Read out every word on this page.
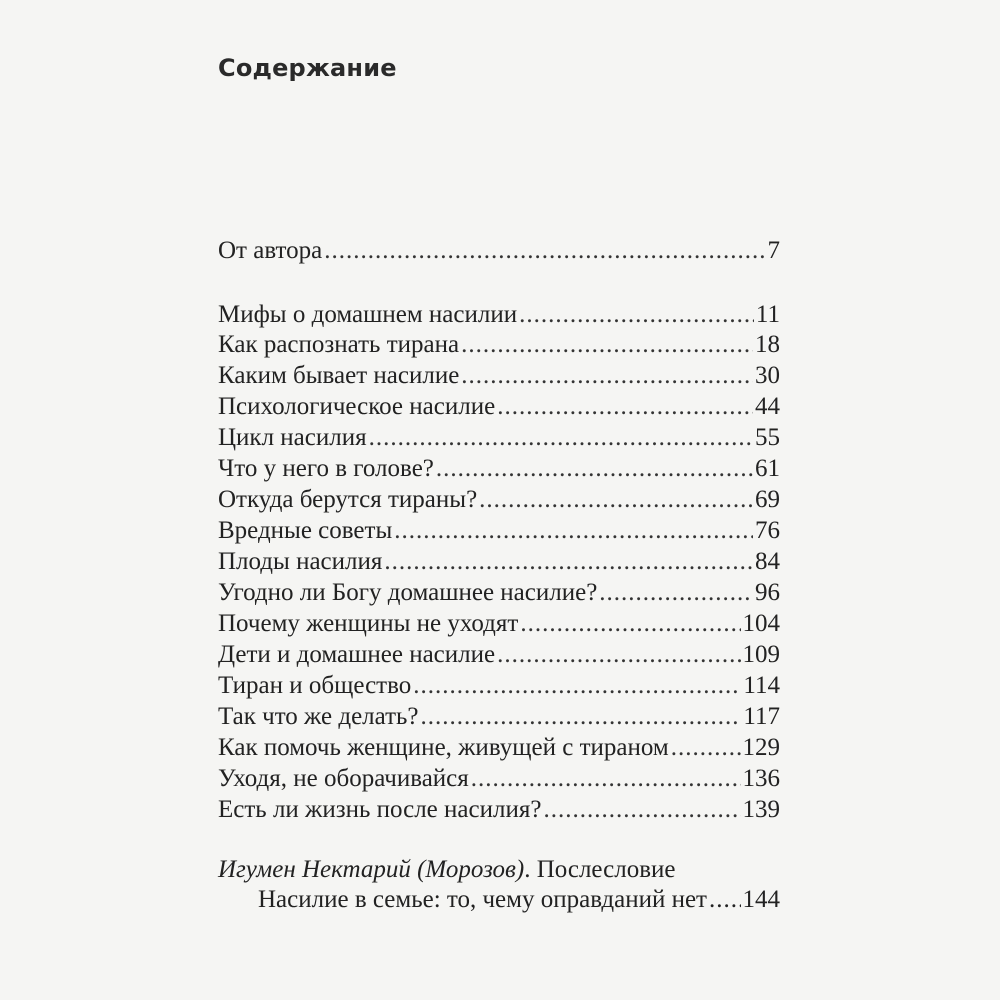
Содержание
От автора .....	7
Мифы о домашнем насилии .....	11
Как распознать тирана .....	18
Каким бывает насилие .....	30
Психологическое насилие .....	44
Цикл насилия .....	55
Что у него в голове? .....	61
Откуда берутся тираны? .....	69
Вредные советы .....	76
Плоды насилия .....	84
Угодно ли Богу домашнее насилие? .....	96
Почему женщины не уходят .....	104
Дети и домашнее насилие .....	109
Тиран и общество .....	114
Так что же делать? .....	117
Как помочь женщине, живущей с тираном .....	129
Уходя, не оборачивайся .....	136
Есть ли жизнь после насилия? .....	139
Игумен Нектарий (Морозов). Послесловие
Насилие в семье: то, чему оправданий нет ..... 144
